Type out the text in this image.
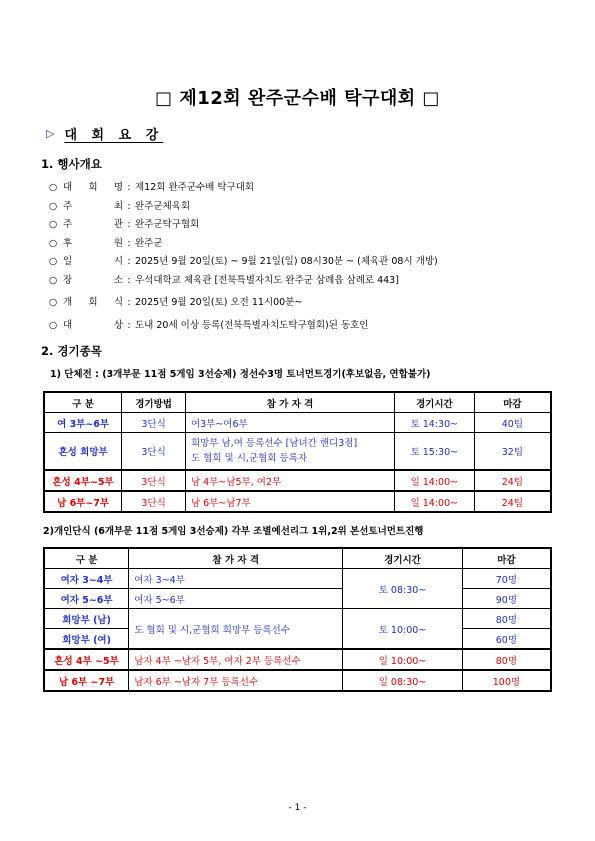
□ 제12회 완주군수배 탁구대회 □
▷ 대 회 요 강
1. 행사개요
○ 대 회 명 : 제12회 완주군수배 탁구대회
○ 주	최 : 완주군체육회
○ 주	관 : 완주군탁구협회
○ 후	원 : 완주군
○ 일	시 : 2025년 9월 20일(토) ~ 9월 21일(일) 08시30분 ~ (체육관 08시 개방)
○ 장	소 : 우석대학교 체육관 [전북특별자치도 완주군 삼례읍 삼례로 443]
○ 개 회 식 : 2025년 9월 20일(토) 오전 11시00분~
○ 대	상 : 도내 20세 이상 등록(전북특별자치도탁구협회)된 동호인
2. 경기종목
1) 단체전 : (3개부문 11점 5게임 3선승제) 정선수3명 토너먼트경기(후보없음, 연합불가)
구 분	경기방법	참 가 자 격	경기시간	마감
여 3부~6부	3단식	여3부~여6부	토 14:30~	40팀
혼성 희망부	3단식	희망부 남,여 등록선수 [남녀간 핸디3점]
도 협회 및 시,군협회 등록자	토 15:30~	32팀
혼성 4부~5부	3단식	남 4부~남5부, 여2부	일 14:00~	24팀
남 6부~7부	3단식	남 6부~남7부	일 14:00~	24팀
2)개인단식 (6개부문 11점 5게임 3선승제) 각부 조별예선리그 1위,2위 본선토너먼트진행
구 분	참 가 자 격	경기시간	마감
여자 3~4부	여자 3~4부	토 08:30~	70명
여자 5~6부	여자 5~6부		90명
희망부 (남)	도 협회 및 시,군협회 희망부 등록선수	토 10:00~	80명
희망부 (여)			60명
혼성 4부 ~5부	남자 4부 ~남자 5부, 여자 2부 등록선수	일 10:00~	80명
남 6부 ~7부	남자 6부 ~남자 7부 등록선수	일 08:30~	100명
- 1 -
